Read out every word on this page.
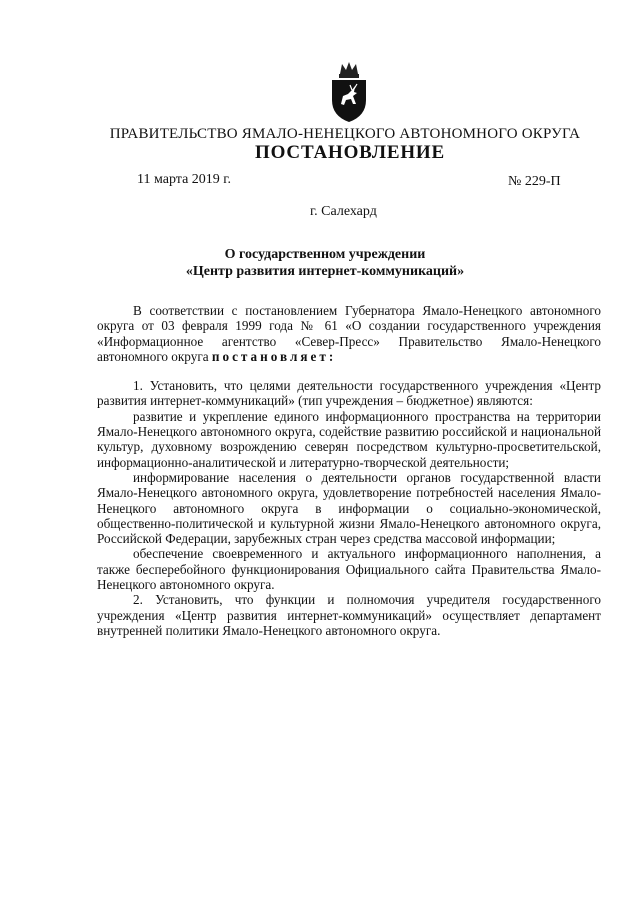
ПРАВИТЕЛЬСТВО ЯМАЛО-НЕНЕЦКОГО АВТОНОМНОГО ОКРУГА
ПОСТАНОВЛЕНИЕ
11 марта 2019 г.	№ 229-П
г. Салехард
О государственном учреждении
«Центр развития интернет-коммуникаций»

В соответствии с постановлением Губернатора Ямало-Ненецкого автономного округа от 03 февраля 1999 года № 61 «О создании государственного учреждения «Информационное агентство «Север-Пресс» Правительство Ямало-Ненецкого автономного округа постановляет:

1. Установить, что целями деятельности государственного учреждения «Центр развития интернет-коммуникаций» (тип учреждения – бюджетное) являются:

развитие и укрепление единого информационного пространства на территории Ямало-Ненецкого автономного округа, содействие развитию российской и национальной культур, духовному возрождению северян посредством культурно-просветительской, информационно-аналитической и литературно-творческой деятельности;

информирование населения о деятельности органов государственной власти Ямало-Ненецкого автономного округа, удовлетворение потребностей населения Ямало-Ненецкого автономного округа в информации о социально-экономической, общественно-политической и культурной жизни Ямало-Ненецкого автономного округа, Российской Федерации, зарубежных стран через средства массовой информации;

обеспечение своевременного и актуального информационного наполнения, а также бесперебойного функционирования Официального сайта Правительства Ямало-Ненецкого автономного округа.

2. Установить, что функции и полномочия учредителя государственного учреждения «Центр развития интернет-коммуникаций» осуществляет департамент внутренней политики Ямало-Ненецкого автономного округа.
